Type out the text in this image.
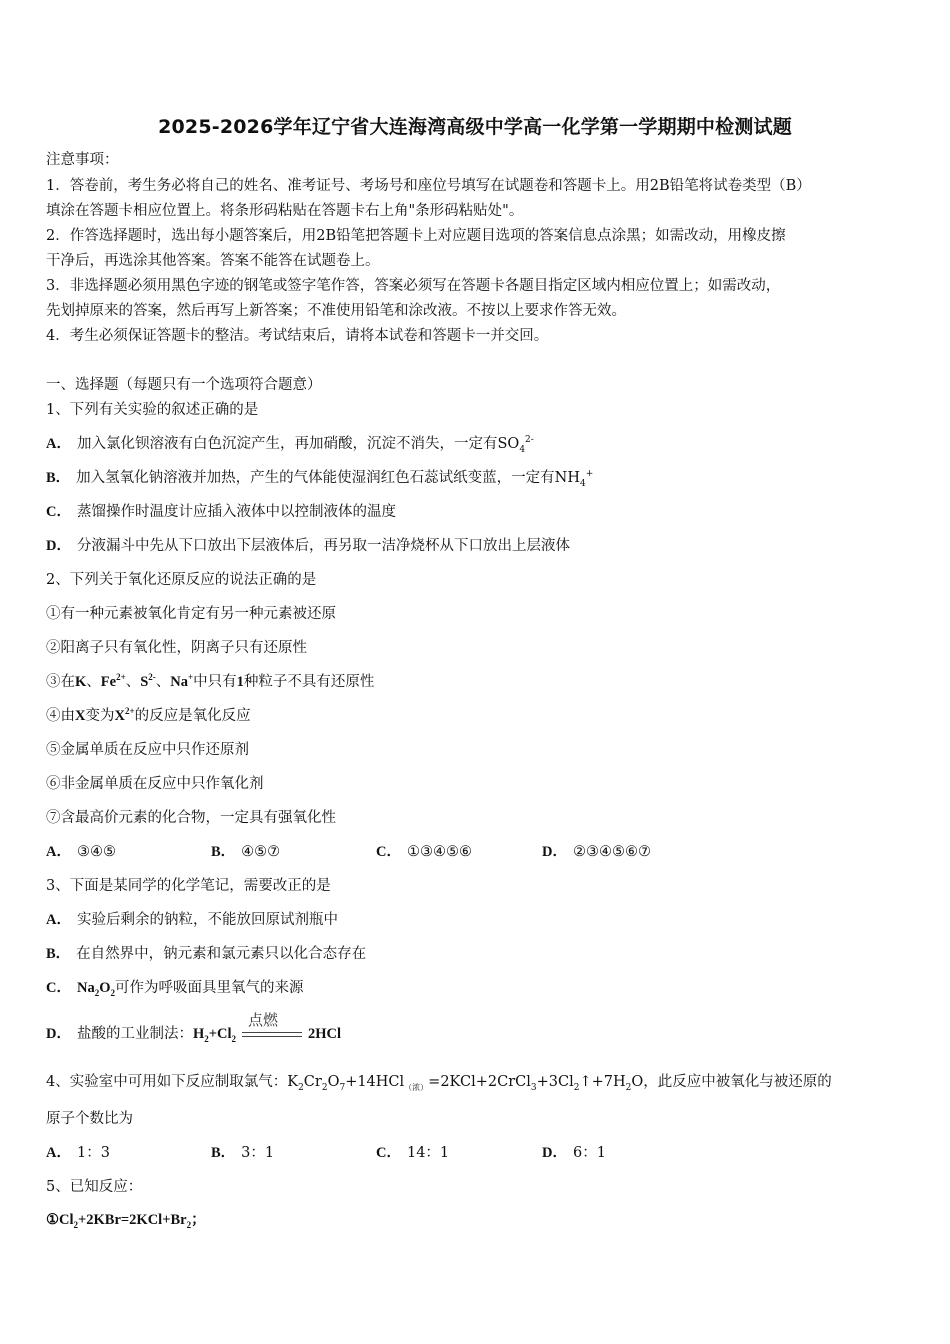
2025-2026学年辽宁省大连海湾高级中学高一化学第一学期期中检测试题
注意事项：
1．答卷前，考生务必将自己的姓名、准考证号、考场号和座位号填写在试题卷和答题卡上。用2B铅笔将试卷类型（B）
填涂在答题卡相应位置上。将条形码粘贴在答题卡右上角"条形码粘贴处"。
2．作答选择题时，选出每小题答案后，用2B铅笔把答题卡上对应题目选项的答案信息点涂黑；如需改动，用橡皮擦
干净后，再选涂其他答案。答案不能答在试题卷上。
3．非选择题必须用黑色字迹的钢笔或签字笔作答，答案必须写在答题卡各题目指定区域内相应位置上；如需改动，
先划掉原来的答案，然后再写上新答案；不准使用铅笔和涂改液。不按以上要求作答无效。
4．考生必须保证答题卡的整洁。考试结束后，请将本试卷和答题卡一并交回。
一、选择题（每题只有一个选项符合题意）
1、下列有关实验的叙述正确的是
A． 加入氯化钡溶液有白色沉淀产生，再加硝酸，沉淀不消失，一定有$SO_4^{2-}$
B． 加入氢氧化钠溶液并加热，产生的气体能使湿润红色石蕊试纸变蓝，一定有$NH_4^+$
C． 蒸馏操作时温度计应插入液体中以控制液体的温度
D． 分液漏斗中先从下口放出下层液体后，再另取一洁净烧杯从下口放出上层液体
2、下列关于氧化还原反应的说法正确的是
①有一种元素被氧化肯定有另一种元素被还原
②阳离子只有氧化性，阴离子只有还原性
③在K、$Fe^{2+}$、$S^{2-}$、Na+中只有1种粒子不具有还原性
④由X变为$X^{2+}$的反应是氧化反应
⑤金属单质在反应中只作还原剂
⑥非金属单质在反应中只作氧化剂
⑦含最高价元素的化合物，一定具有强氧化性
A． ③④⑤	B． ④⑤⑦	C． ①③④⑤⑥	D． ②③④⑤⑥⑦
3、下面是某同学的化学笔记，需要改正的是
A． 实验后剩余的钠粒，不能放回原试剂瓶中
B． 在自然界中，钠元素和氯元素只以化合态存在
C． $Na_2O_2$可作为呼吸面具里氧气的来源
D． 盐酸的工业制法：$H_2+Cl_2$
点燃
2HCl
4、实验室中可用如下反应制取氯气：$K_2Cr_2O_7+14HCl_{(浓)}=2KCl+2CrCl_3+3Cl_2↑+7H_2O$，此反应中被氧化与被还原的
原子个数比为
A． 1：3	B． 3：1	C． 14：1	D． 6：1
5、已知反应：
$①Cl_2+2KBr=2KCl+Br_2$；
